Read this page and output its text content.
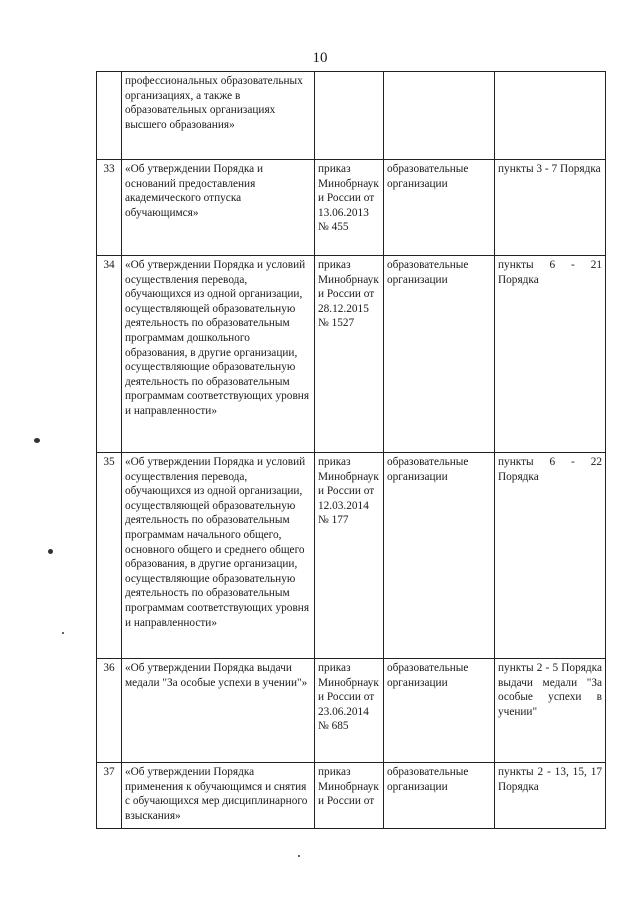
10
	профессиональных образовательных организациях, а также в образовательных организациях высшего образования»			
33	«Об утверждении Порядка и оснований предоставления академического отпуска обучающимся»	приказ Минобрнауки России от 13.06.2013 № 455	образовательные организации	пункты 3 - 7 Порядка

34	«Об утверждении Порядка и условий осуществления перевода, обучающихся из одной организации, осуществляющей образовательную деятельность по образовательным программам дошкольного образования, в другие организации, осуществляющие образовательную деятельность по образовательным программам соответствующих уровня и направленности»	приказ Минобрнауки России от 28.12.2015 № 1527	образовательные организации	пункты 6 - 21 Порядка

35	«Об утверждении Порядка и условий осуществления перевода, обучающихся из одной организации, осуществляющей образовательную деятельность по образовательным программам начального общего, основного общего и среднего общего образования, в другие организации, осуществляющие образовательную деятельность по образовательным программам соответствующих уровня и направленности»	приказ Минобрнауки России от 12.03.2014 № 177	образовательные организации	пункты 6 - 22 Порядка

36	«Об утверждении Порядка выдачи медали "За особые успехи в учении"»	приказ Минобрнауки России от 23.06.2014 № 685	образовательные организации	пункты 2 - 5 Порядка выдачи медали "За особые успехи в учении"

37	«Об утверждении Порядка применения к обучающимся и снятия с обучающихся мер дисциплинарного взыскания»	приказ Минобрнауки России от	образовательные организации	пункты 2 - 13, 15, 17 Порядка
